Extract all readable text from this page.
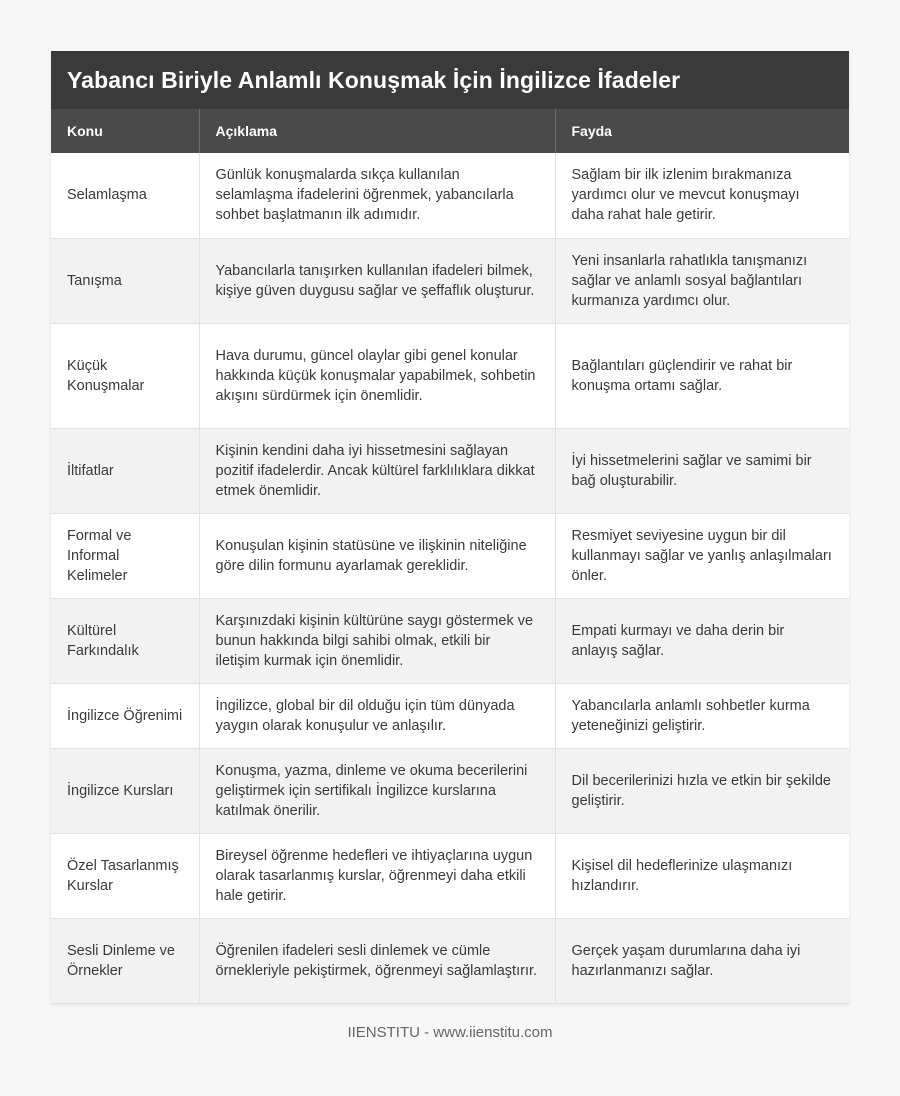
Yabancı Biriyle Anlamlı Konuşmak İçin İngilizce İfadeler
Konu	Açıklama	Fayda
Selamlaşma	Günlük konuşmalarda sıkça kullanılan selamlaşma ifadelerini öğrenmek, yabancılarla sohbet başlatmanın ilk adımıdır.	Sağlam bir ilk izlenim bırakmanıza yardımcı olur ve mevcut konuşmayı daha rahat hale getirir.
Tanışma	Yabancılarla tanışırken kullanılan ifadeleri bilmek, kişiye güven duygusu sağlar ve şeffaflık oluşturur.	Yeni insanlarla rahatlıkla tanışmanızı sağlar ve anlamlı sosyal bağlantıları kurmanıza yardımcı olur.
Küçük Konuşmalar	Hava durumu, güncel olaylar gibi genel konular hakkında küçük konuşmalar yapabilmek, sohbetin akışını sürdürmek için önemlidir.	Bağlantıları güçlendirir ve rahat bir konuşma ortamı sağlar.
İltifatlar	Kişinin kendini daha iyi hissetmesini sağlayan pozitif ifadelerdir. Ancak kültürel farklılıklara dikkat etmek önemlidir.	İyi hissetmelerini sağlar ve samimi bir bağ oluşturabilir.
Formal ve Informal Kelimeler	Konuşulan kişinin statüsüne ve ilişkinin niteliğine göre dilin formunu ayarlamak gereklidir.	Resmiyet seviyesine uygun bir dil kullanmayı sağlar ve yanlış anlaşılmaları önler.
Kültürel Farkındalık	Karşınızdaki kişinin kültürüne saygı göstermek ve bunun hakkında bilgi sahibi olmak, etkili bir iletişim kurmak için önemlidir.	Empati kurmayı ve daha derin bir anlayış sağlar.
İngilizce Öğrenimi	İngilizce, global bir dil olduğu için tüm dünyada yaygın olarak konuşulur ve anlaşılır.	Yabancılarla anlamlı sohbetler kurma yeteneğinizi geliştirir.
İngilizce Kursları	Konuşma, yazma, dinleme ve okuma becerilerini geliştirmek için sertifikalı İngilizce kurslarına katılmak önerilir.	Dil becerilerinizi hızla ve etkin bir şekilde geliştirir.
Özel Tasarlanmış Kurslar	Bireysel öğrenme hedefleri ve ihtiyaçlarına uygun olarak tasarlanmış kurslar, öğrenmeyi daha etkili hale getirir.	Kişisel dil hedeflerinize ulaşmanızı hızlandırır.
Sesli Dinleme ve Örnekler	Öğrenilen ifadeleri sesli dinlemek ve cümle örnekleriyle pekiştirmek, öğrenmeyi sağlamlaştırır.	Gerçek yaşam durumlarına daha iyi hazırlanmanızı sağlar.
IIENSTITU - www.iienstitu.com
